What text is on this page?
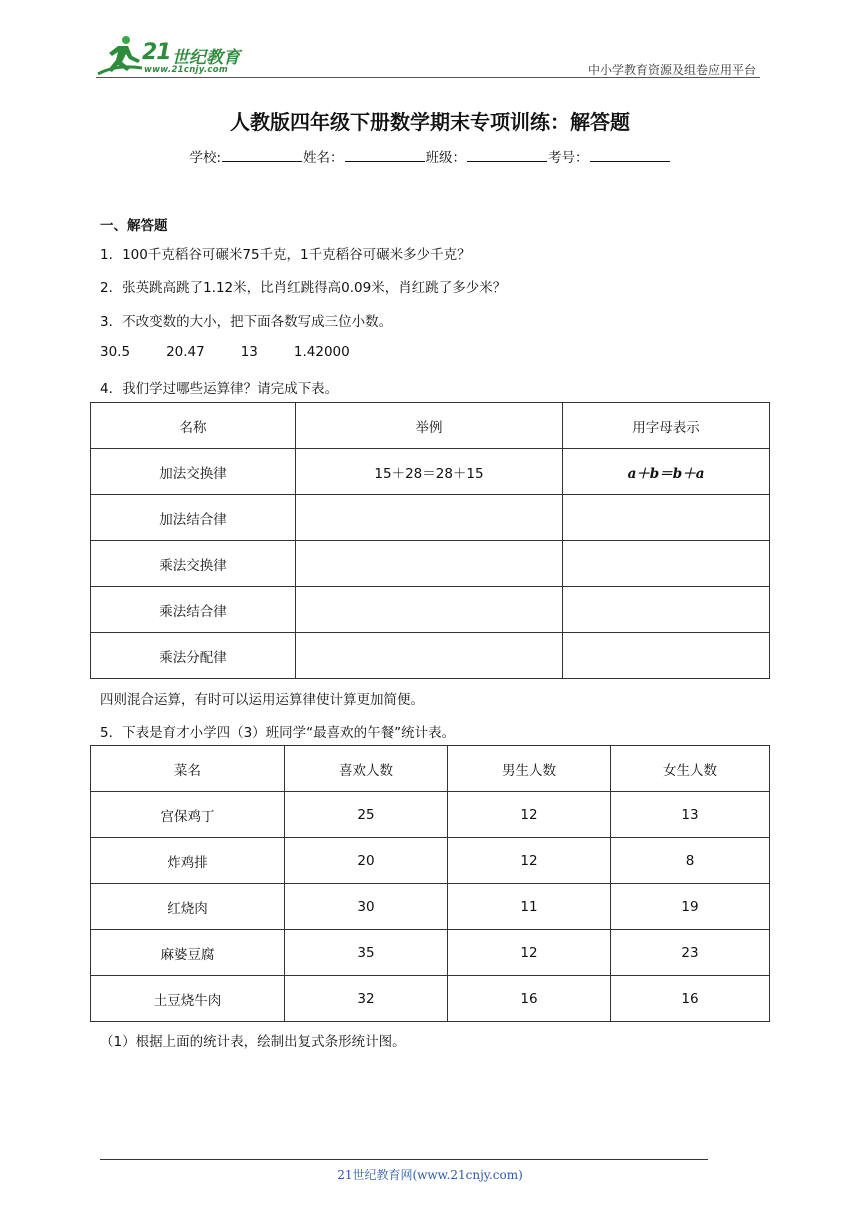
21 世纪教育
www.21cnjy.com	中小学教育资源及组卷应用平台
人教版四年级下册数学期末专项训练：解答题
学校:	姓名：	班级：	考号：
一、解答题
1．100千克稻谷可碾米75千克，1千克稻谷可碾米多少千克？
2．张英跳高跳了1.12米，比肖红跳得高0.09米，肖红跳了多少米？
3．不改变数的大小，把下面各数写成三位小数。
30.5	20.47	13	1.42000
4．我们学过哪些运算律？请完成下表。
名称	举例	用字母表示
加法交换律	15＋28＝28＋15	a＋b＝b＋a
加法结合律		
乘法交换律		
乘法结合律		
乘法分配律		
四则混合运算，有时可以运用运算律使计算更加简便。
5．下表是育才小学四（3）班同学“最喜欢的午餐”统计表。
菜名	喜欢人数	男生人数	女生人数
宫保鸡丁	25	12	13
炸鸡排	20	12	8
红烧肉	30	11	19
麻婆豆腐	35	12	23
土豆烧牛肉	32	16	16
（1）根据上面的统计表，绘制出复式条形统计图。
21世纪教育网(www.21cnjy.com)
